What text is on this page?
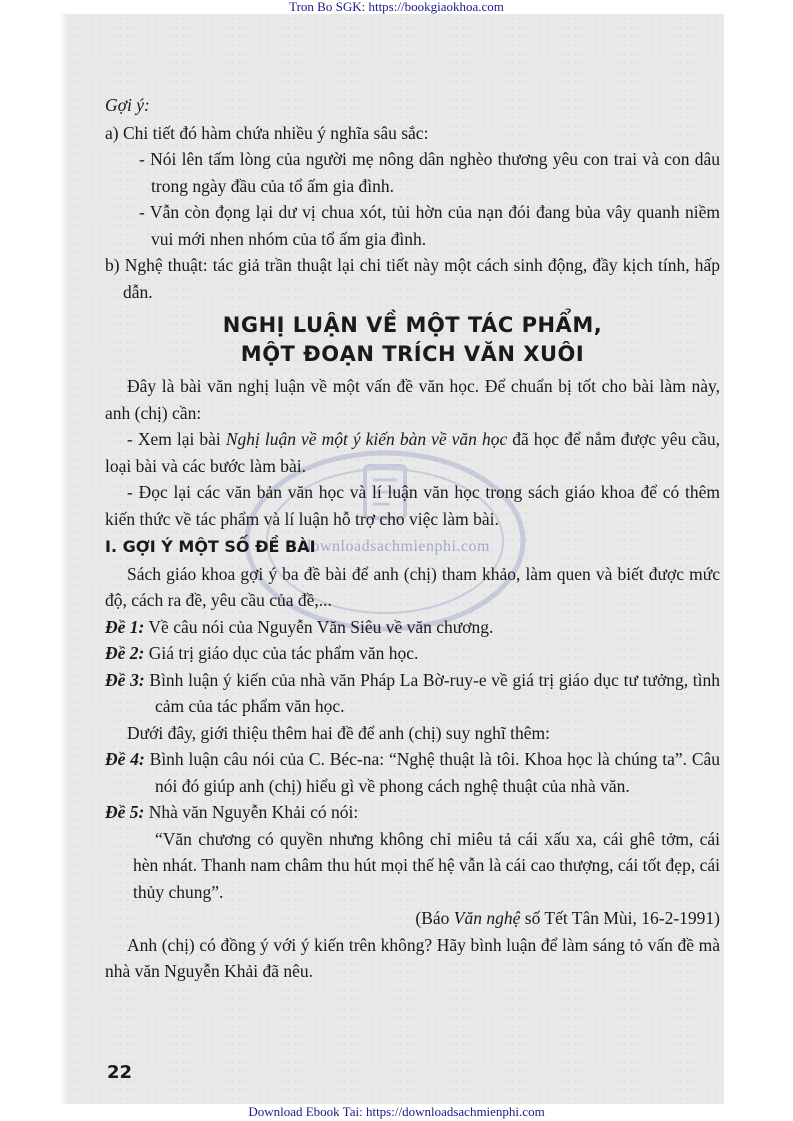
Tron Bo SGK: https://bookgiaokhoa.com
downloadsachmienphi.com

Gợi ý:

a) Chi tiết đó hàm chứa nhiều ý nghĩa sâu sắc:

- Nói lên tấm lòng của người mẹ nông dân nghèo thương yêu con trai và con dâu trong ngày đầu của tổ ấm gia đình.

- Vẫn còn đọng lại dư vị chua xót, tủi hờn của nạn đói đang bủa vây quanh niềm vui mới nhen nhóm của tổ ấm gia đình.

b) Nghệ thuật: tác giả trần thuật lại chi tiết này một cách sinh động, đầy kịch tính, hấp dẫn.

NGHỊ LUẬN VỀ MỘT TÁC PHẨM,
MỘT ĐOẠN TRÍCH VĂN XUÔI

Đây là bài văn nghị luận về một vấn đề văn học. Để chuẩn bị tốt cho bài làm này, anh (chị) cần:

- Xem lại bài Nghị luận về một ý kiến bàn về văn học đã học để nắm được yêu cầu, loại bài và các bước làm bài.

- Đọc lại các văn bản văn học và lí luận văn học trong sách giáo khoa để có thêm kiến thức về tác phẩm và lí luận hỗ trợ cho việc làm bài.

I. GỢI Ý MỘT SỐ ĐỀ BÀI

Sách giáo khoa gợi ý ba đề bài để anh (chị) tham khảo, làm quen và biết được mức độ, cách ra đề, yêu cầu của đề,...

Đề 1: Về câu nói của Nguyễn Văn Siêu về văn chương.

Đề 2: Giá trị giáo dục của tác phẩm văn học.

Đề 3: Bình luận ý kiến của nhà văn Pháp La Bờ-ruy-e về giá trị giáo dục tư tưởng, tình cảm của tác phẩm văn học.

Dưới đây, giới thiệu thêm hai đề để anh (chị) suy nghĩ thêm:

Đề 4: Bình luận câu nói của C. Béc-na: “Nghệ thuật là tôi. Khoa học là chúng ta”. Câu nói đó giúp anh (chị) hiểu gì về phong cách nghệ thuật của nhà văn.

Đề 5: Nhà văn Nguyễn Khải có nói:

“Văn chương có quyền nhưng không chỉ miêu tả cái xấu xa, cái ghê tởm, cái hèn nhát. Thanh nam châm thu hút mọi thế hệ vẫn là cái cao thượng, cái tốt đẹp, cái thủy chung”.

(Báo Văn nghệ số Tết Tân Mùi, 16-2-1991)

Anh (chị) có đồng ý với ý kiến trên không? Hãy bình luận để làm sáng tỏ vấn đề mà nhà văn Nguyễn Khải đã nêu.

22
Download Ebook Tai: https://downloadsachmienphi.com
